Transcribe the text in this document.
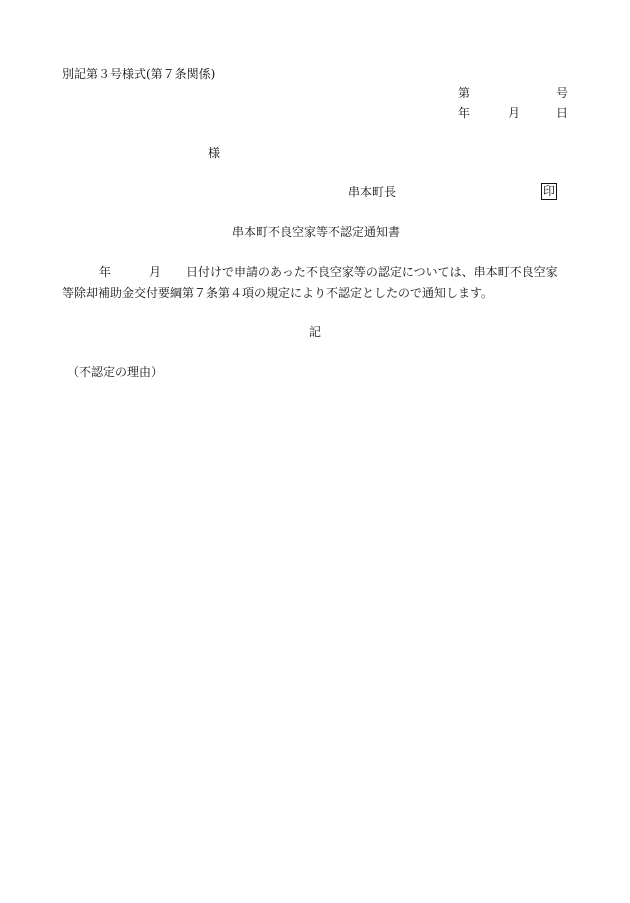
別記第３号様式(第７条関係)

第	号
年	月	日
様
串本町長	印
串本町不良空家等不認定通知書
年	月 日付けで申請のあった不良空家等の認定については、串本町不良空家
等除却補助金交付要綱第７条第４項の規定により不認定としたので通知します。
記
（不認定の理由）
